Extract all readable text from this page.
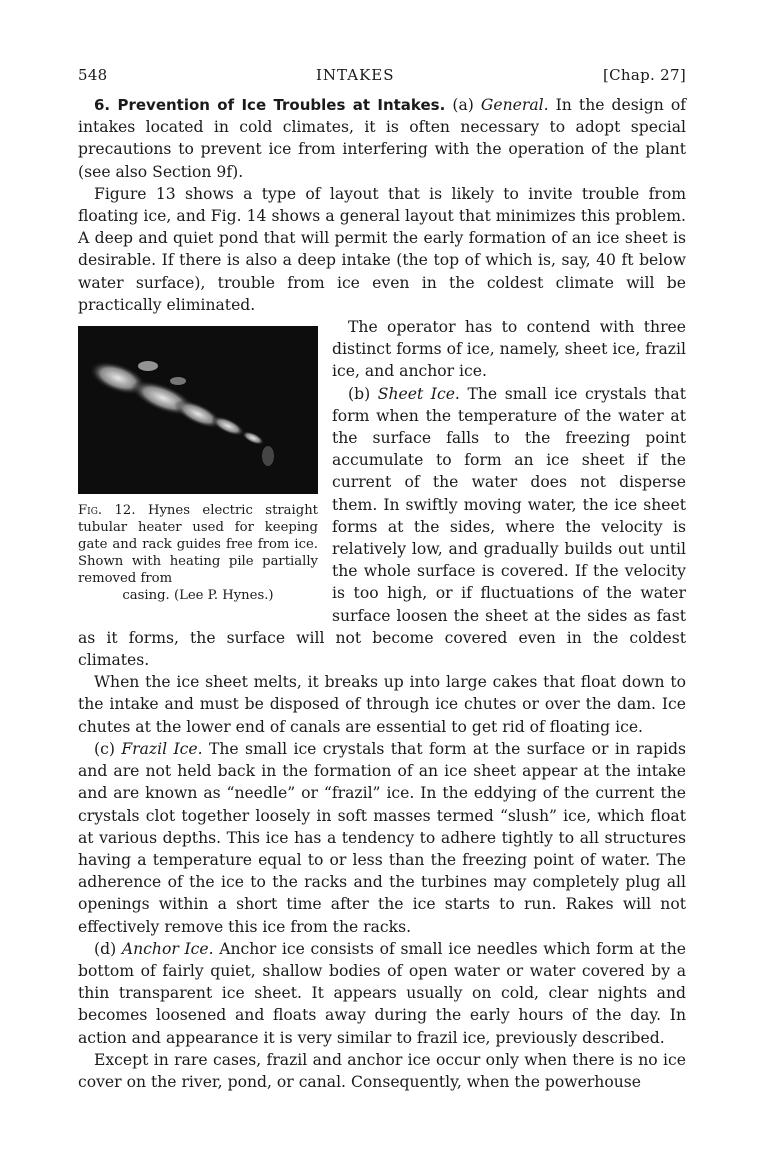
548	INTAKES	[Chap. 27]

6. Prevention of Ice Troubles at Intakes. (a) General. In the design of intakes located in cold climates, it is often necessary to adopt special precautions to prevent ice from interfering with the operation of the plant (see also Section 9f).

Figure 13 shows a type of layout that is likely to invite trouble from floating ice, and Fig. 14 shows a general layout that minimizes this problem. A deep and quiet pond that will permit the early formation of an ice sheet is desirable. If there is also a deep intake (the top of which is, say, 40 ft below water surface), trouble from ice even in the coldest climate will be practically eliminated.

Fig. 12. Hynes electric straight tubular heater used for keeping gate and rack guides free from ice. Shown with heating pile partially removed from
casing. (Lee P. Hynes.)

The operator has to contend with three distinct forms of ice, namely, sheet ice, frazil ice, and anchor ice.

(b) Sheet Ice. The small ice crystals that form when the temperature of the water at the surface falls to the freezing point accumulate to form an ice sheet if the current of the water does not disperse them. In swiftly moving water, the ice sheet forms at the sides, where the velocity is relatively low, and gradually builds out until the whole surface is covered. If the velocity is too high, or if fluctuations of the water surface loosen the sheet at the sides as fast as it forms, the surface will not become covered even in the coldest climates.

When the ice sheet melts, it breaks up into large cakes that float down to the intake and must be disposed of through ice chutes or over the dam. Ice chutes at the lower end of canals are essential to get rid of floating ice.

(c) Frazil Ice. The small ice crystals that form at the surface or in rapids and are not held back in the formation of an ice sheet appear at the intake and are known as “needle” or “frazil” ice. In the eddying of the current the crystals clot together loosely in soft masses termed “slush” ice, which float at various depths. This ice has a tendency to adhere tightly to all structures having a temperature equal to or less than the freezing point of water. The adherence of the ice to the racks and the turbines may completely plug all openings within a short time after the ice starts to run. Rakes will not effectively remove this ice from the racks.

(d) Anchor Ice. Anchor ice consists of small ice needles which form at the bottom of fairly quiet, shallow bodies of open water or water covered by a thin transparent ice sheet. It appears usually on cold, clear nights and becomes loosened and floats away during the early hours of the day. In action and appearance it is very similar to frazil ice, previously described.

Except in rare cases, frazil and anchor ice occur only when there is no ice cover on the river, pond, or canal. Consequently, when the powerhouse
